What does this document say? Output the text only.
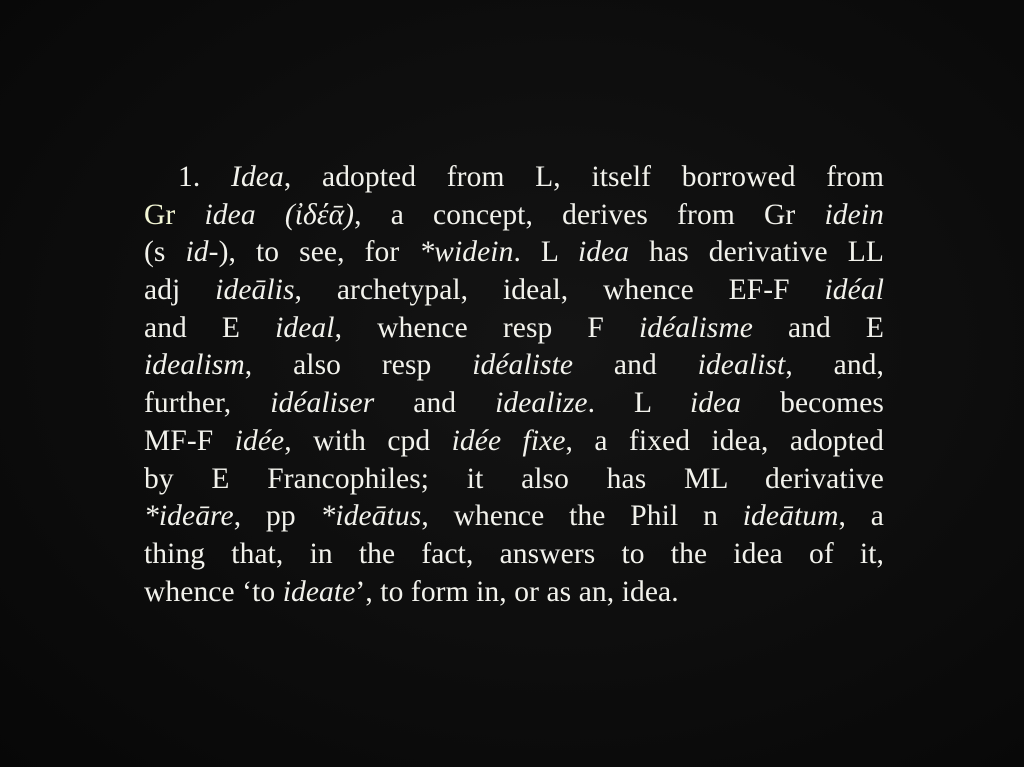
1. Idea, adopted from L, itself borrowed from
Gr idea (ἰδέᾱ), a concept, derives from Gr idein
(s id-), to see, for *widein. L idea has derivative LL
adj ideālis, archetypal, ideal, whence EF-F idéal
and E ideal, whence resp F idéalisme and E
idealism, also resp idéaliste and idealist, and,
further, idéaliser and idealize. L idea becomes
MF-F idée, with cpd idée fixe, a fixed idea, adopted
by E Francophiles; it also has ML derivative
*ideāre, pp *ideātus, whence the Phil n ideātum, a
thing that, in the fact, answers to the idea of it,
whence ‘to ideate’, to form in, or as an, idea.
